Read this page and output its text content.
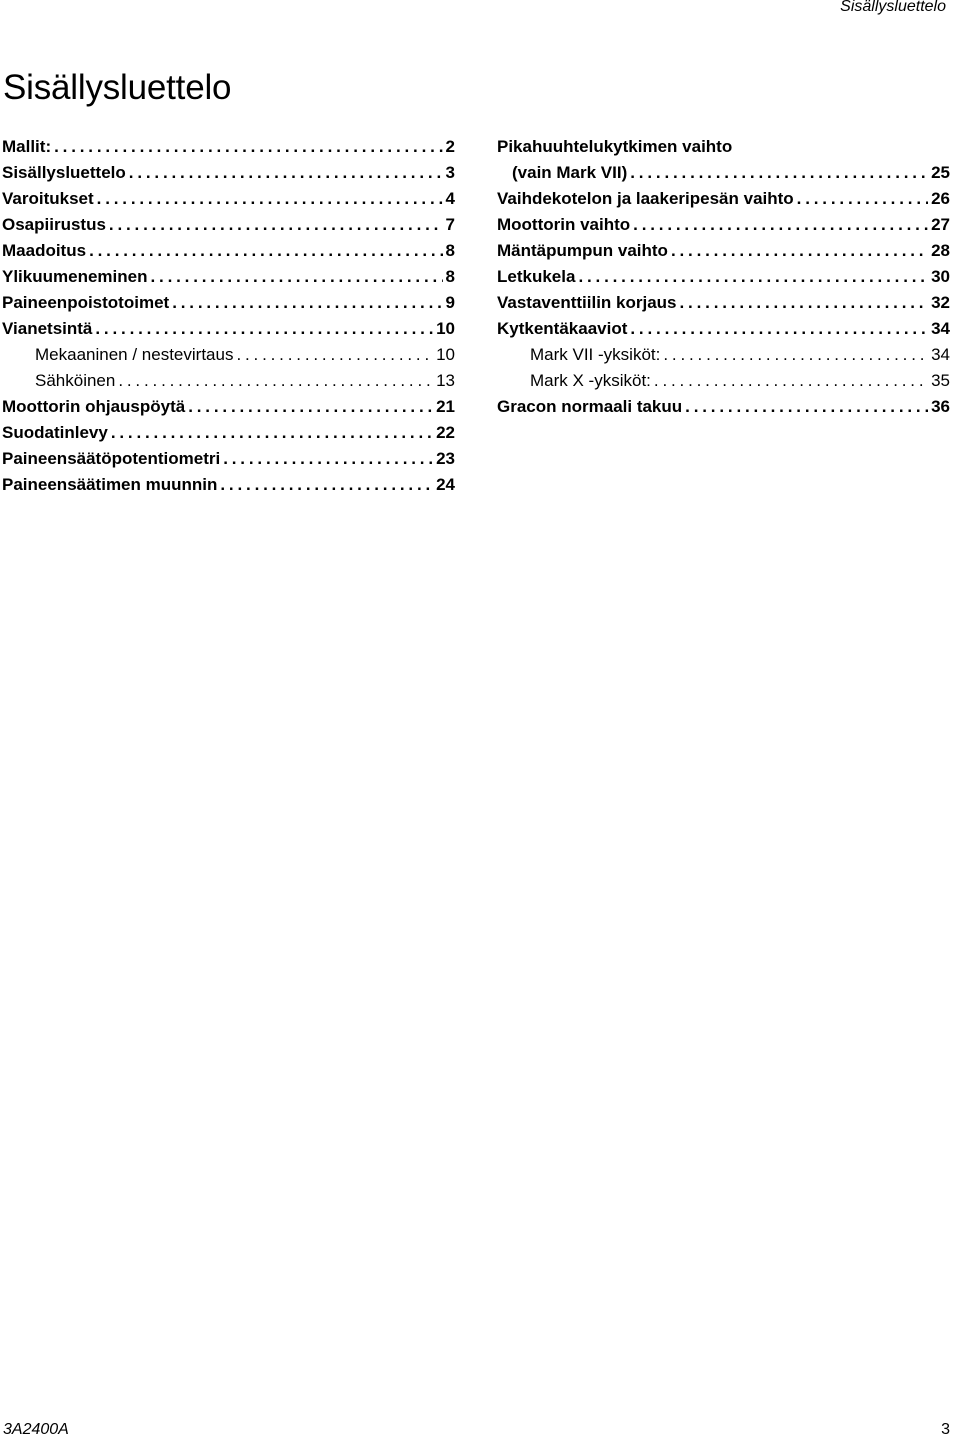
Sisällysluettelo
Sisällysluettelo
Mallit: . . .	2
Sisällysluettelo . . .	3
Varoitukset . . .	4
Osapiirustus . . .	7
Maadoitus . . .	8
Ylikuumeneminen . . .	8
Paineenpoistotoimet . . .	9
Vianetsintä . . .	10
Mekaaninen / nestevirtaus . . .	10
Sähköinen . . .	13
Moottorin ohjauspöytä . . .	21
Suodatinlevy . . .	22
Paineensäätöpotentiometri . . .	23
Paineensäätimen muunnin . . .	24
Pikahuuhtelukytkimen vaihto
(vain Mark VII) . . .	25
Vaihdekotelon ja laakeripesän vaihto . . .	26
Moottorin vaihto . . .	27
Mäntäpumpun vaihto . . .	28
Letkukela . . .	30
Vastaventtiilin korjaus . . .	32
Kytkentäkaaviot . . .	34
Mark VII -yksiköt: . . .	34
Mark X -yksiköt: . . .	35
Gracon normaali takuu . . .	36
3A2400A	3
